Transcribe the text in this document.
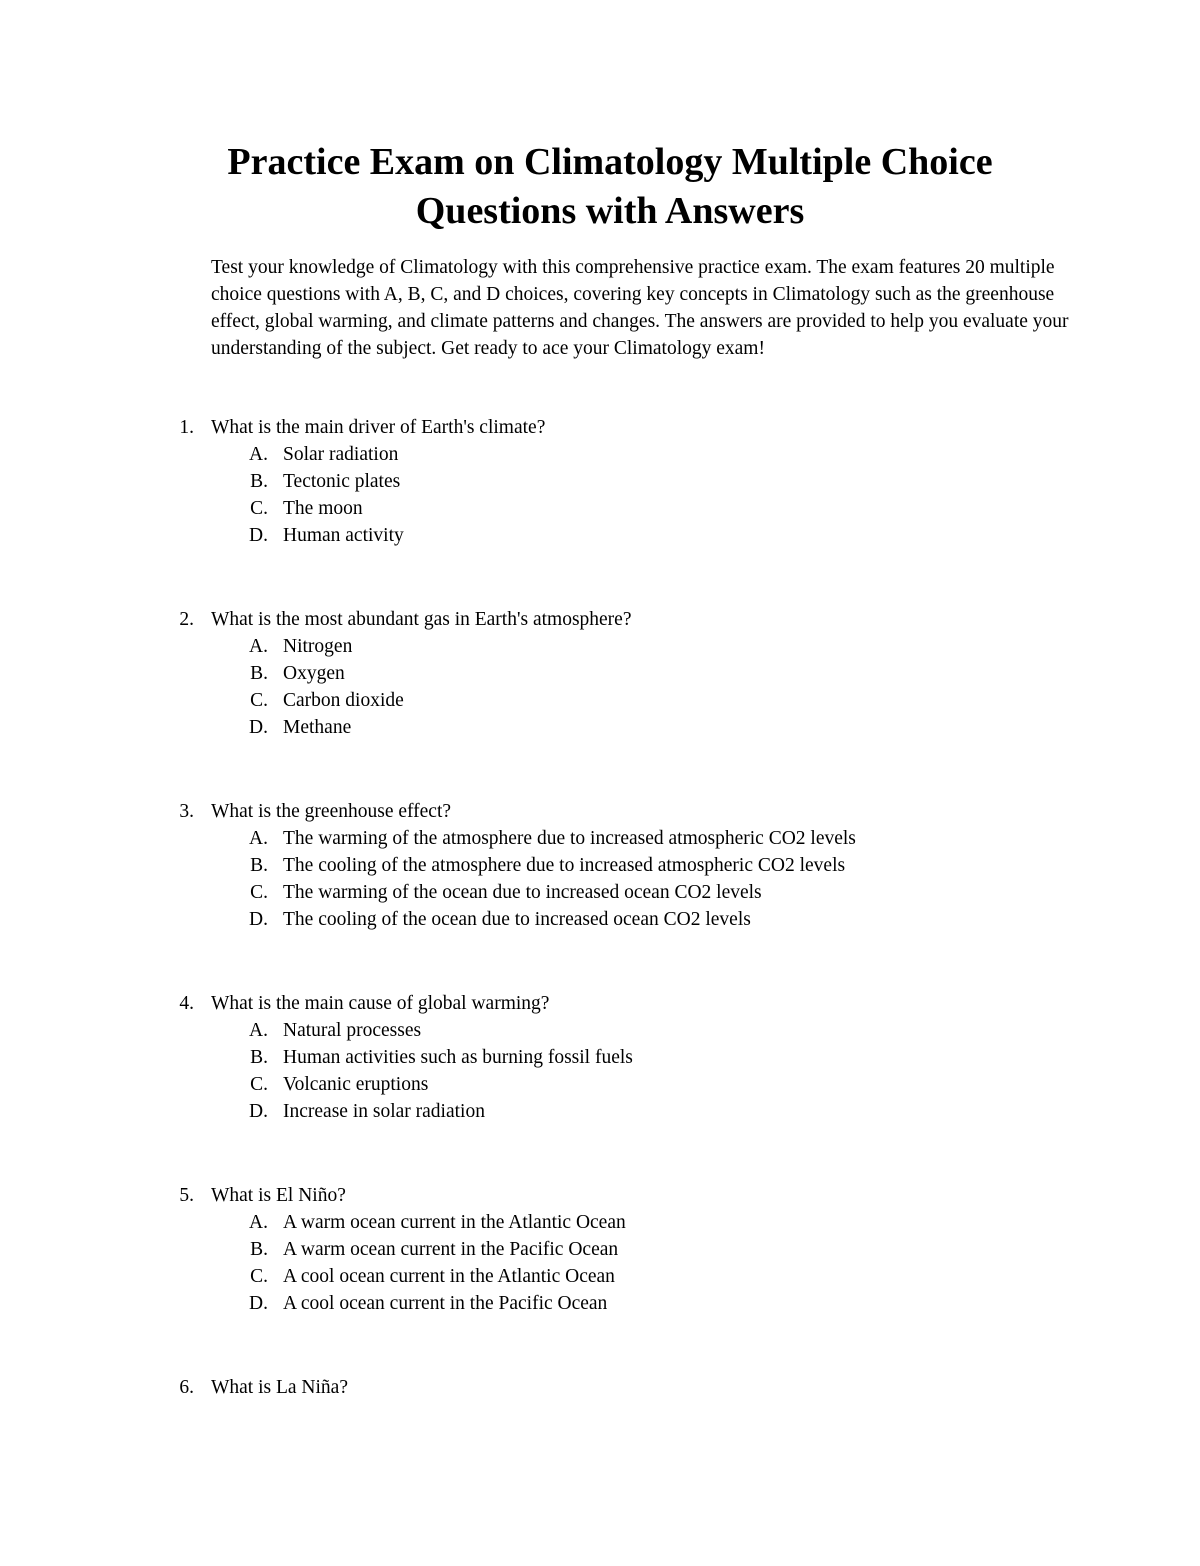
Practice Exam on Climatology Multiple Choice Questions with Answers

Test your knowledge of Climatology with this comprehensive practice exam. The exam features 20 multiple choice questions with A, B, C, and D choices, covering key concepts in Climatology such as the greenhouse effect, global warming, and climate patterns and changes. The answers are provided to help you evaluate your understanding of the subject. Get ready to ace your Climatology exam!

1. What is the main driver of Earth's climate?
A. Solar radiation
B. Tectonic plates
C. The moon
D. Human activity
2. What is the most abundant gas in Earth's atmosphere?
A. Nitrogen
B. Oxygen
C. Carbon dioxide
D. Methane
3. What is the greenhouse effect?
A. The warming of the atmosphere due to increased atmospheric CO2 levels
B. The cooling of the atmosphere due to increased atmospheric CO2 levels
C. The warming of the ocean due to increased ocean CO2 levels
D. The cooling of the ocean due to increased ocean CO2 levels
4. What is the main cause of global warming?
A. Natural processes
B. Human activities such as burning fossil fuels
C. Volcanic eruptions
D. Increase in solar radiation
5. What is El Niño?
A. A warm ocean current in the Atlantic Ocean
B. A warm ocean current in the Pacific Ocean
C. A cool ocean current in the Atlantic Ocean
D. A cool ocean current in the Pacific Ocean
6. What is La Niña?
